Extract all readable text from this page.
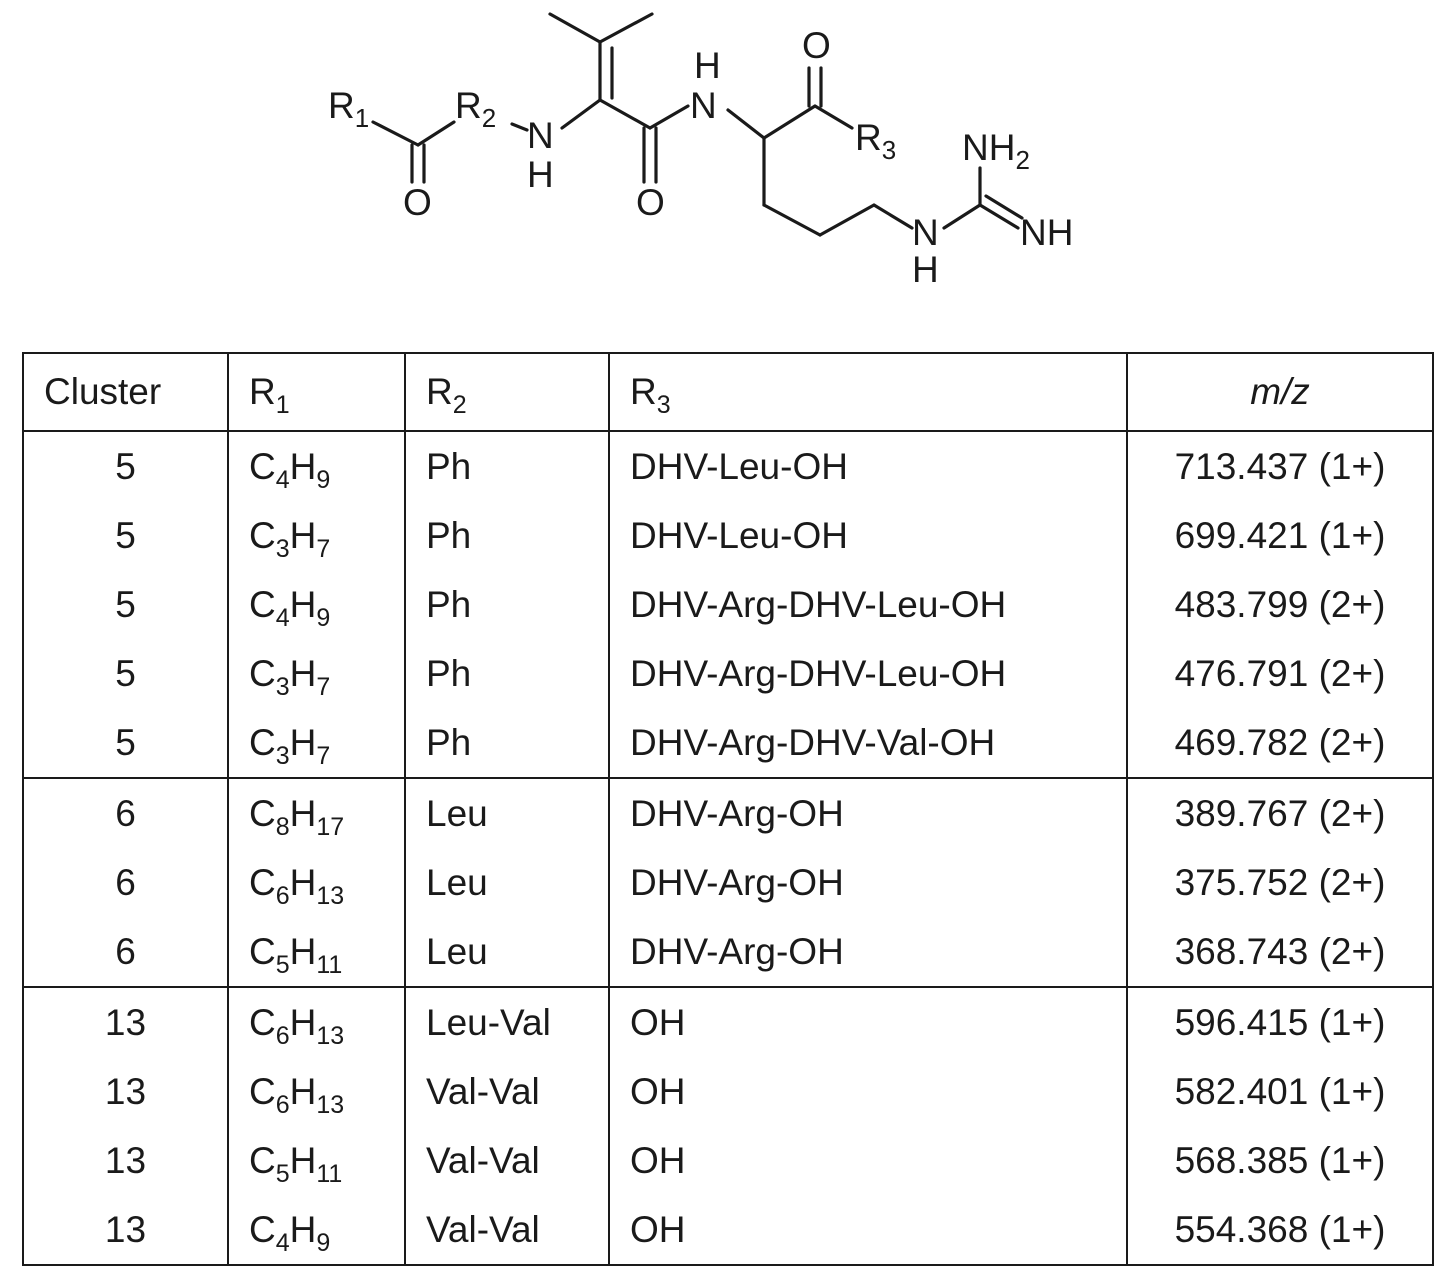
$R_1$ $R_2$
O
N
H
O
N
H O
$R_3$ $NH_2$
N
H
NH
Cluster	$R_1$	$R_2$	$R_3$	m/z
5	$C_4H_9$	Ph	DHV-Leu-OH	713.437 (1+)
5	$C_3H_7$	Ph	DHV-Leu-OH	699.421 (1+)
5	$C_4H_9$	Ph	DHV-Arg-DHV-Leu-OH	483.799 (2+)
5	$C_3H_7$	Ph	DHV-Arg-DHV-Leu-OH	476.791 (2+)
5	$C_3H_7$	Ph	DHV-Arg-DHV-Val-OH	469.782 (2+)
6	$C_8H_{17}$	Leu	DHV-Arg-OH	389.767 (2+)
6	$C_6H_{13}$	Leu	DHV-Arg-OH	375.752 (2+)
6	$C_5H_{11}$	Leu	DHV-Arg-OH	368.743 (2+)
13	$C_6H_{13}$	Leu-Val	OH	596.415 (1+)
13	$C_6H_{13}$	Val-Val	OH	582.401 (1+)
13	$C_5H_{11}$	Val-Val	OH	568.385 (1+)
13	$C_4H_9$	Val-Val	OH	554.368 (1+)
